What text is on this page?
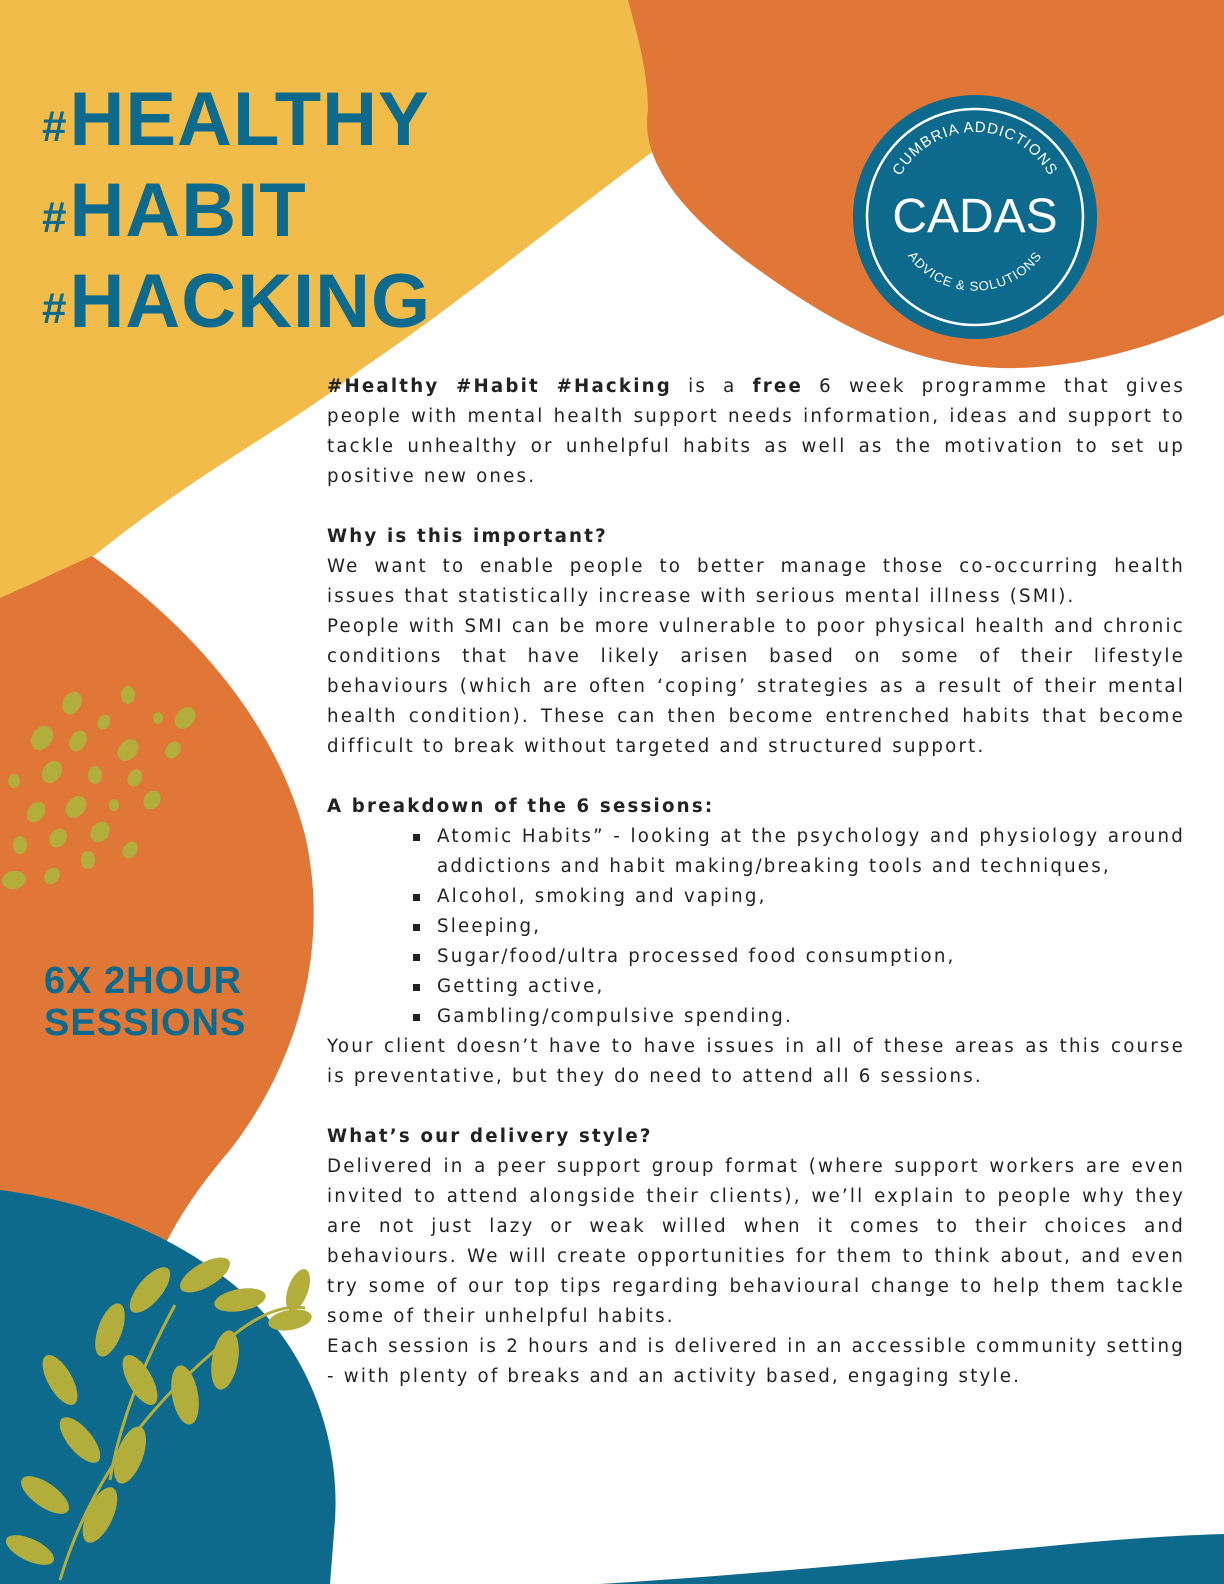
#HEALTHY
#HABIT
#HACKING
6X 2HOUR
SESSIONS
CUMBRIA ADDICTIONS
CADAS
ADVICE & SOLUTIONS

#Healthy #Habit #Hacking is a free 6 week programme that gives people with mental health support needs information, ideas and support to tackle unhealthy or unhelpful habits as well as the motivation to set up positive new ones.

Why is this important?

We want to enable people to better manage those co-occurring health issues that statistically increase with serious mental illness (SMI).

People with SMI can be more vulnerable to poor physical health and chronic conditions that have likely arisen based on some of their lifestyle behaviours (which are often ‘coping’ strategies as a result of their mental health condition). These can then become entrenched habits that become difficult to break without targeted and structured support.

A breakdown of the 6 sessions:

Atomic Habits” - looking at the psychology and physiology around addictions and habit making/breaking tools and techniques,
Alcohol, smoking and vaping,
Sleeping,
Sugar/food/ultra processed food consumption,
Getting active,
Gambling/compulsive spending.

Your client doesn’t have to have issues in all of these areas as this course is preventative, but they do need to attend all 6 sessions.

What’s our delivery style?

Delivered in a peer support group format (where support workers are even invited to attend alongside their clients), we’ll explain to people why they are not just lazy or weak willed when it comes to their choices and behaviours. We will create opportunities for them to think about, and even try some of our top tips regarding behavioural change to help them tackle some of their unhelpful habits.

Each session is 2 hours and is delivered in an accessible community setting - with plenty of breaks and an activity based, engaging style.
